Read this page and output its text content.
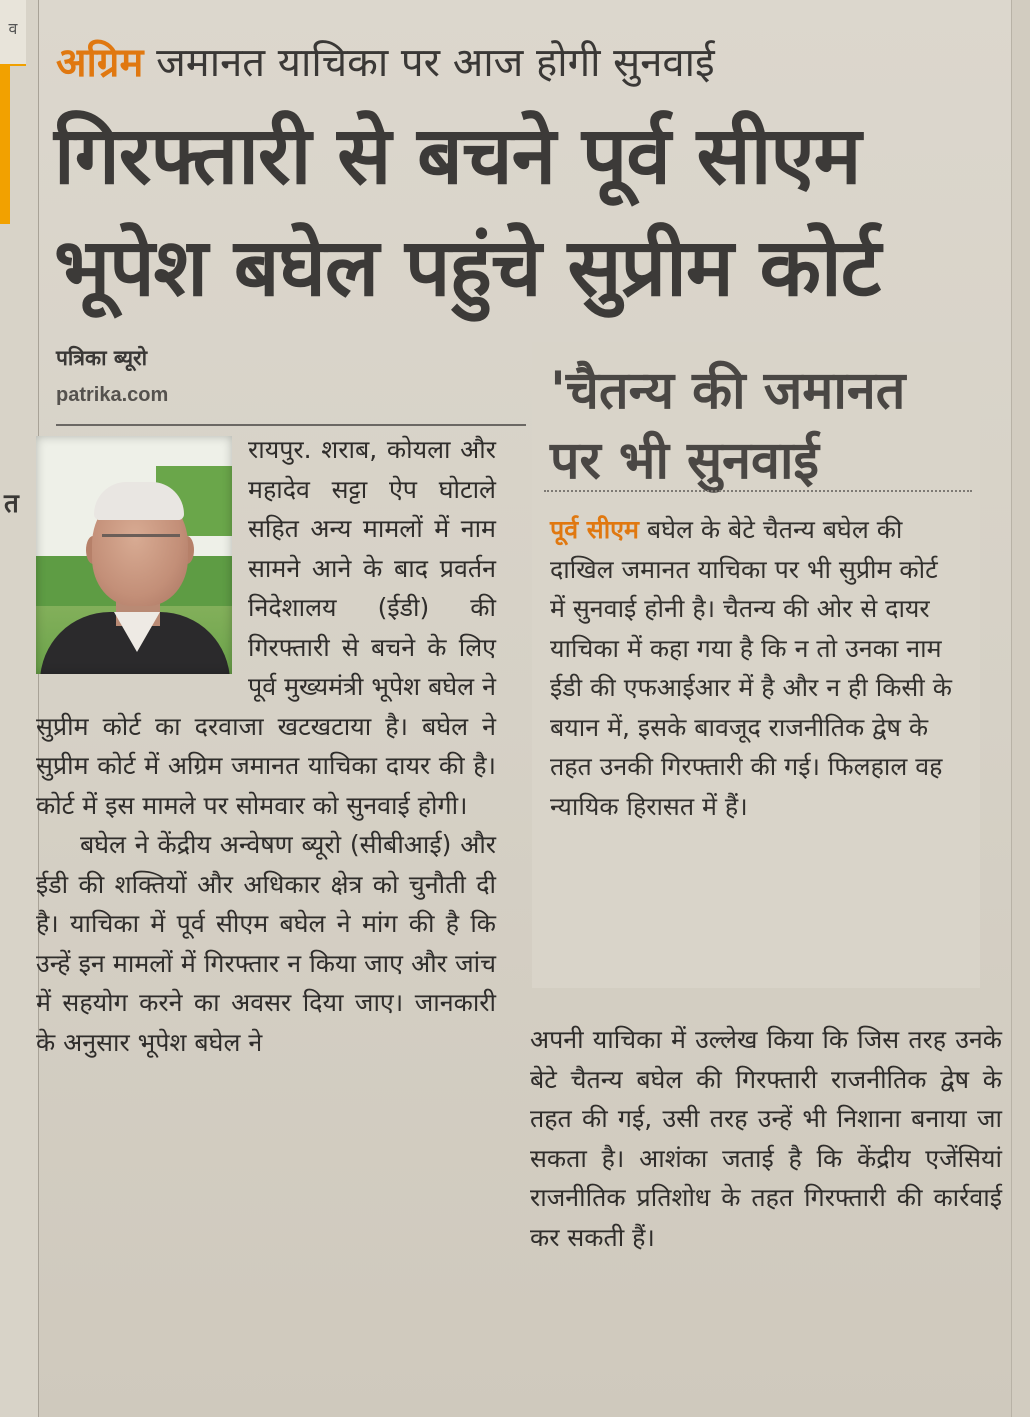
व
त
अग्रिम जमानत याचिका पर आज होगी सुनवाई
गिरफ्तारी से बचने पूर्व सीएम
भूपेश बघेल पहुंचे सुप्रीम कोर्ट
पत्रिका ब्यूरो
patrika.com

रायपुर. शराब, कोयला और महादेव सट्टा ऐप घोटाले सहित अन्य मामलों में नाम सामने आने के बाद प्रवर्तन निदेशालय (ईडी) की गिरफ्तारी से बचने के लिए पूर्व मुख्यमंत्री भूपेश बघेल ने सुप्रीम कोर्ट का दरवाजा खटखटाया है। बघेल ने सुप्रीम कोर्ट में अग्रिम जमानत याचिका दायर की है। कोर्ट में इस मामले पर सोमवार को सुनवाई होगी।

बघेल ने केंद्रीय अन्वेषण ब्यूरो (सीबीआई) और ईडी की शक्तियों और अधिकार क्षेत्र को चुनौती दी है। याचिका में पूर्व सीएम बघेल ने मांग की है कि उन्हें इन मामलों में गिरफ्तार न किया जाए और जांच में सहयोग करने का अवसर दिया जाए। जानकारी के अनुसार भूपेश बघेल ने

'चैतन्य की जमानत पर भी सुनवाई

पूर्व सीएम बघेल के बेटे चैतन्य बघेल की दाखिल जमानत याचिका पर भी सुप्रीम कोर्ट में सुनवाई होनी है। चैतन्य की ओर से दायर याचिका में कहा गया है कि न तो उनका नाम ईडी की एफआईआर में है और न ही किसी के बयान में, इसके बावजूद राजनीतिक द्वेष के तहत उनकी गिरफ्तारी की गई। फिलहाल वह न्यायिक हिरासत में हैं।

अपनी याचिका में उल्लेख किया कि जिस तरह उनके बेटे चैतन्य बघेल की गिरफ्तारी राजनीतिक द्वेष के तहत की गई, उसी तरह उन्हें भी निशाना बनाया जा सकता है। आशंका जताई है कि केंद्रीय एजेंसियां राजनीतिक प्रतिशोध के तहत गिरफ्तारी की कार्रवाई कर सकती हैं।
